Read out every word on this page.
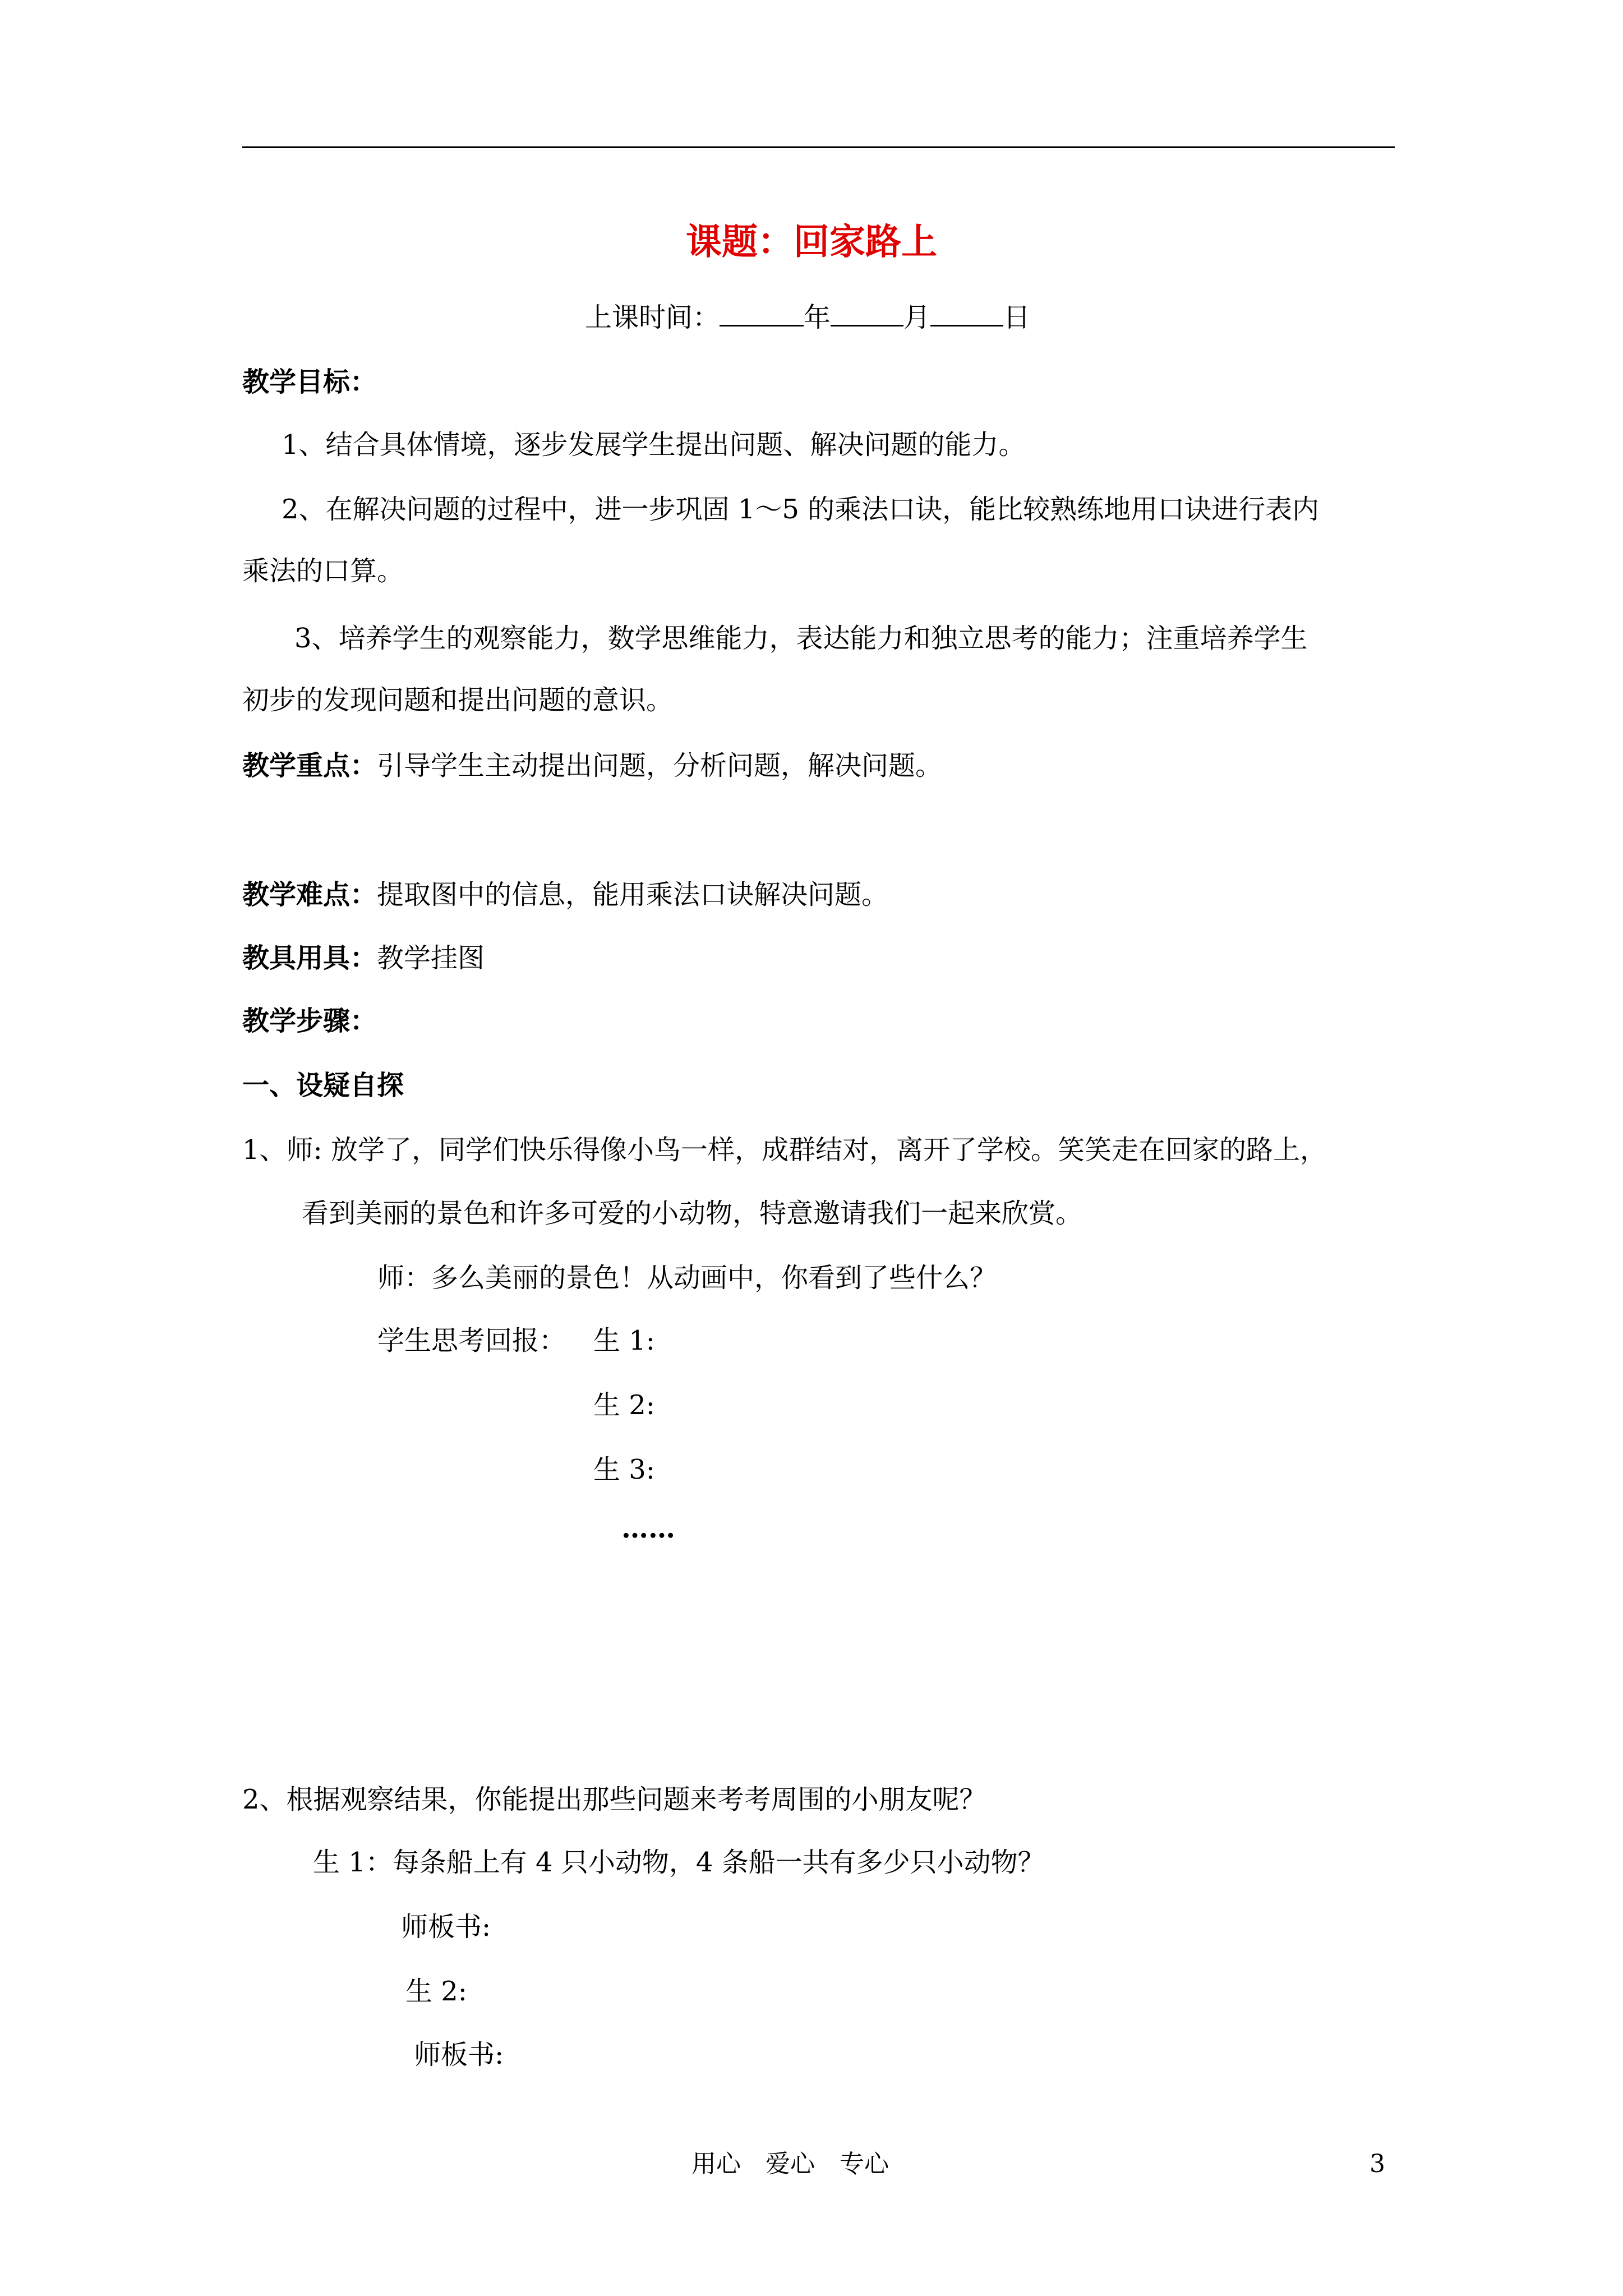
课题：回家路上
上课时间：	年	月	日
教学目标：
1、结合具体情境，逐步发展学生提出问题、解决问题的能力。
2、在解决问题的过程中，进一步巩固 1～5 的乘法口诀，能比较熟练地用口诀进行表内
乘法的口算。
3、培养学生的观察能力，数学思维能力，表达能力和独立思考的能力；注重培养学生
初步的发现问题和提出问题的意识。
教学重点：引导学生主动提出问题，分析问题，解决问题。
教学难点：提取图中的信息，能用乘法口诀解决问题。
教具用具：教学挂图
教学步骤：
一、设疑自探
1、师: 放学了，同学们快乐得像小鸟一样，成群结对，离开了学校。笑笑走在回家的路上，
看到美丽的景色和许多可爱的小动物，特意邀请我们一起来欣赏。
师：多么美丽的景色！从动画中，你看到了些什么？
学生思考回报： 生 1:
生 2:
生 3:
……
2、根据观察结果，你能提出那些问题来考考周围的小朋友呢？
生 1：每条船上有 4 只小动物，4 条船一共有多少只小动物？
师板书:
生 2:
师板书:
用心　爱心　专心	3
